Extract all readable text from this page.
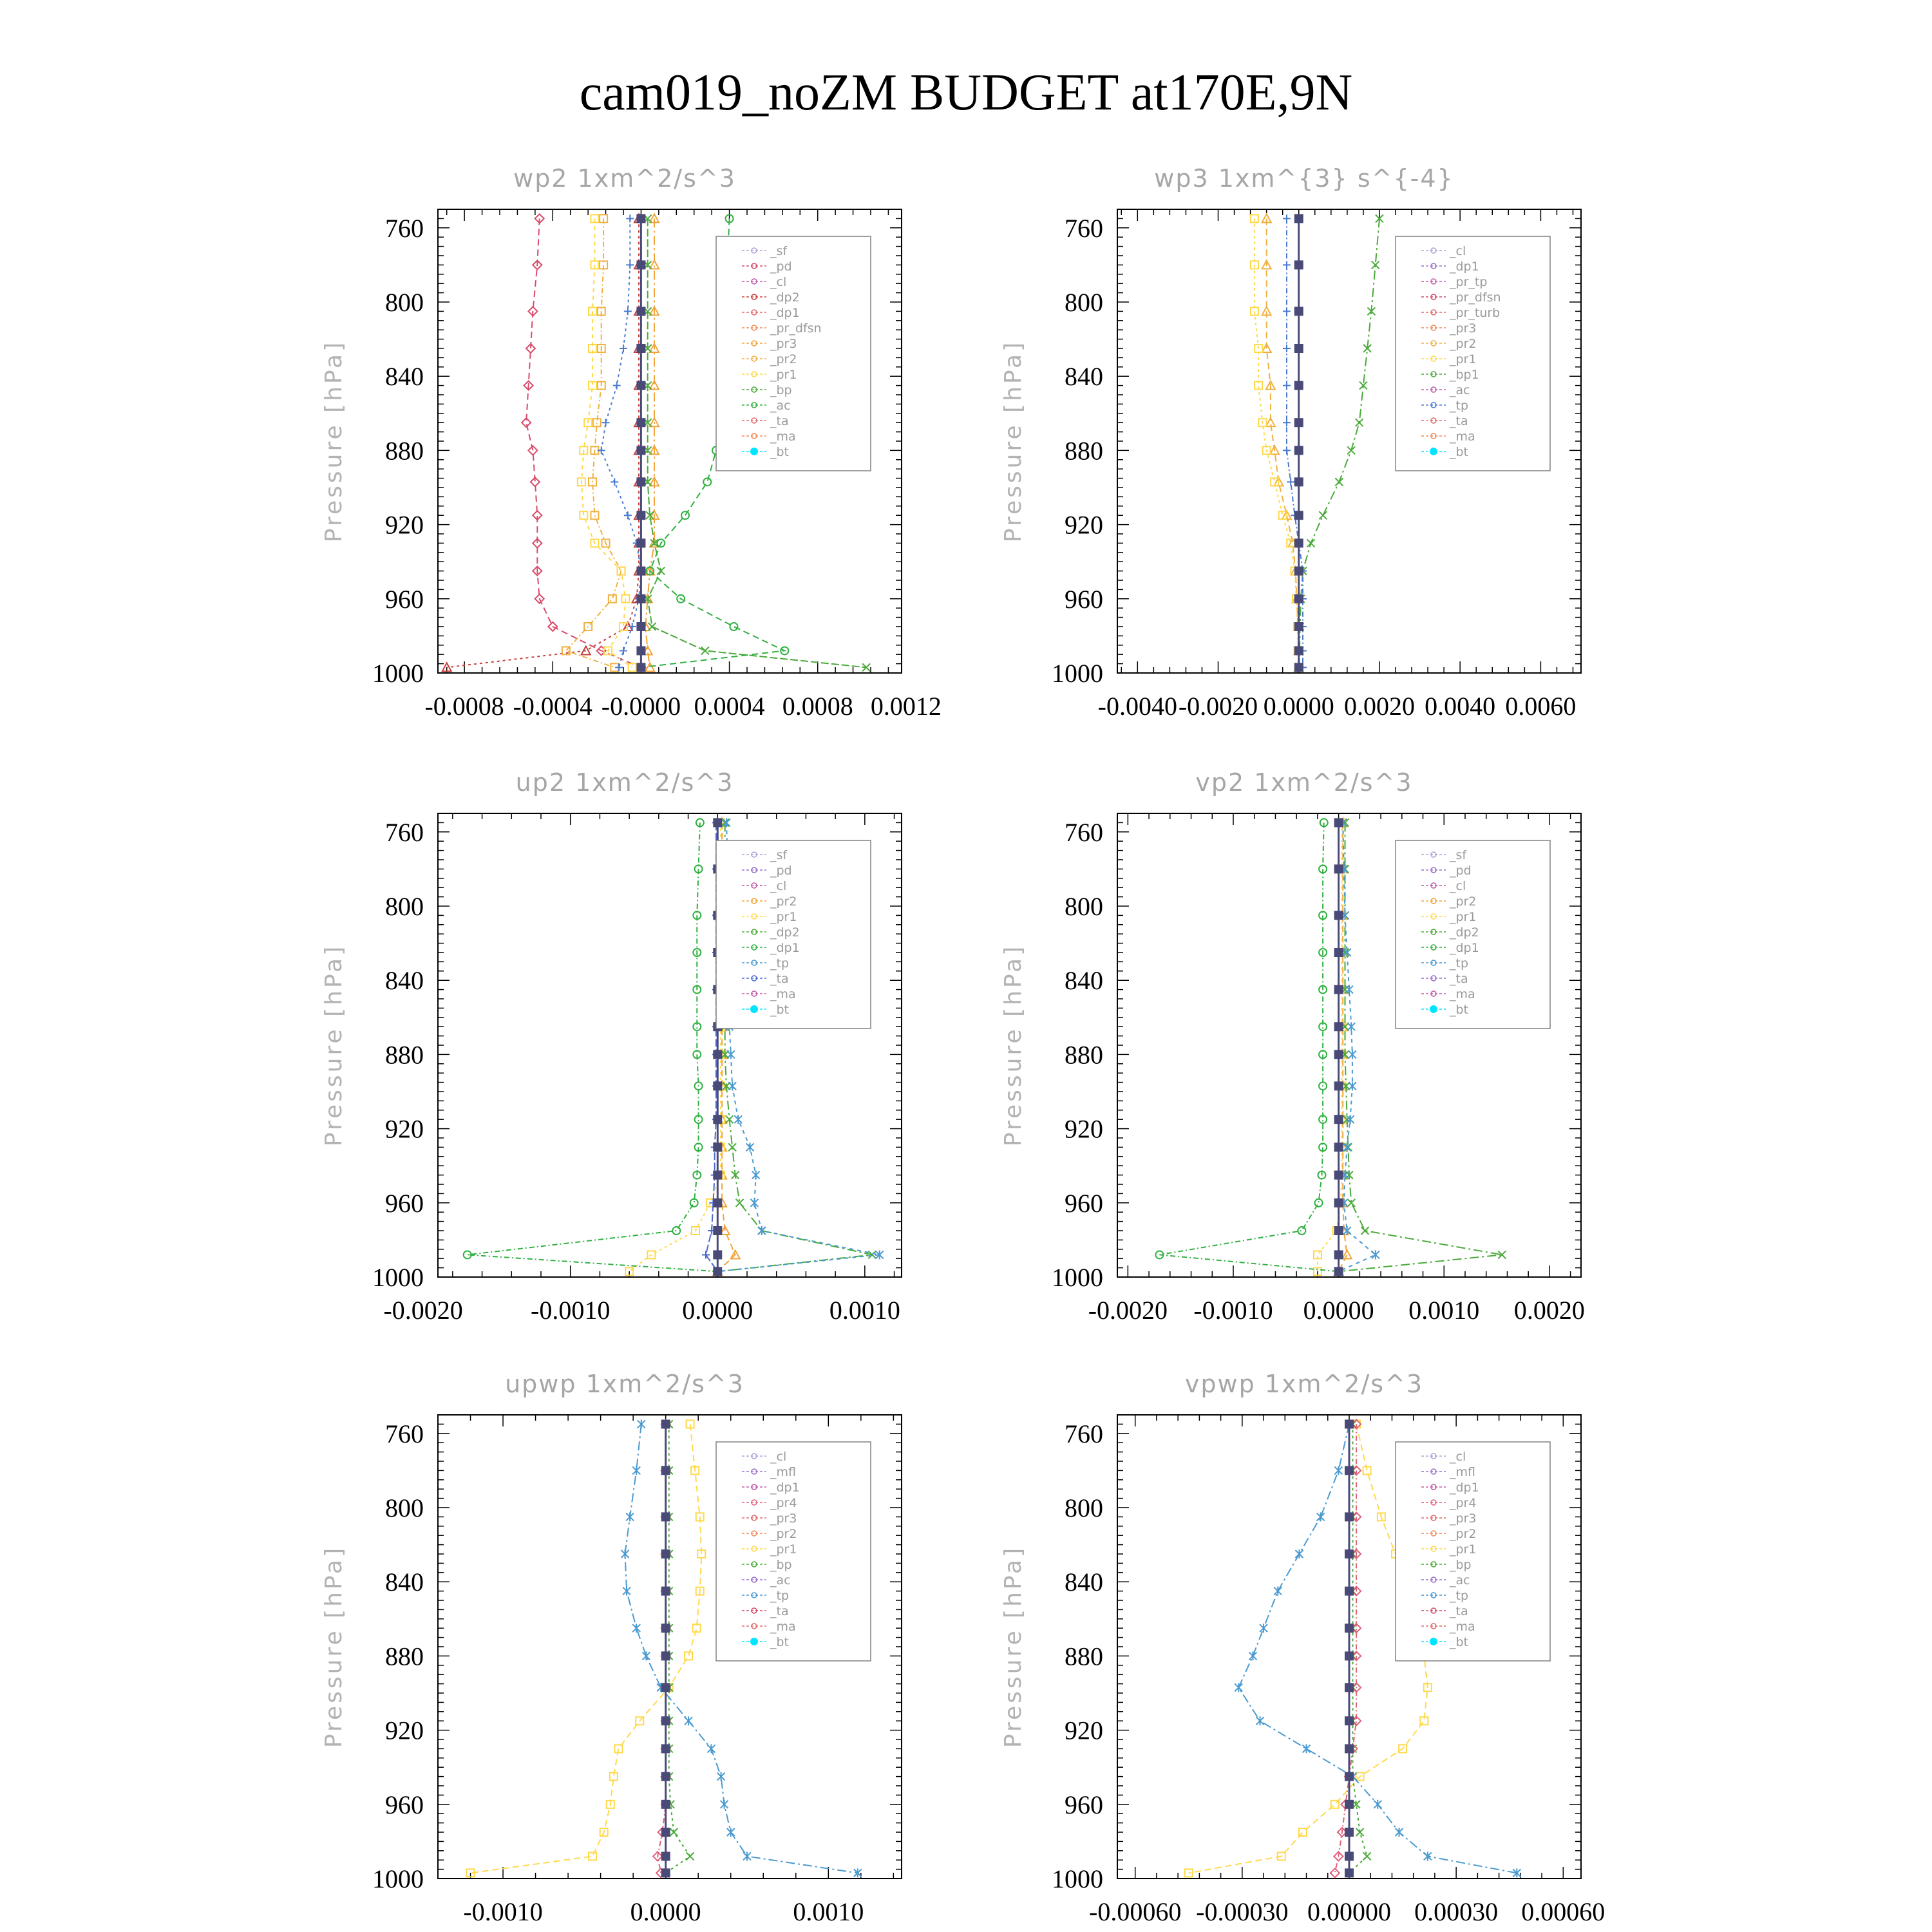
cam019_noZM BUDGET at170E,9N
wp2 1xm^2/s^3
Pressure [hPa]
760
800
840
880
920
960
1000
-0.0008 -0.0004 -0.0000 0.0004 0.0008 0.0012
_sf
_pd
_cl
_dp2
_dp1
_pr_dfsn
_pr3
_pr2
_pr1
_bp
_ac
_ta
_ma
_bt
wp3 1xm^{3} s^{-4}
Pressure [hPa]
760
800
840
880
920
960
1000
-0.0040 -0.0020 0.0000 0.0020 0.0040 0.0060
_cl
_dp1
_pr_tp
_pr_dfsn
_pr_turb
_pr3
_pr2
_pr1
_bp1
_ac
_tp
_ta
_ma
_bt
up2 1xm^2/s^3
Pressure [hPa]
760
800
840
880
920
960
1000
-0.0020	-0.0010	0.0000	0.0010
_sf
_pd
_cl
_pr2
_pr1
_dp2
_dp1
_tp
_ta
_ma
_bt
vp2 1xm^2/s^3
Pressure [hPa]
760
800
840
880
920
960
1000
-0.0020 -0.0010 0.0000 0.0010 0.0020
_sf
_pd
_cl
_pr2
_pr1
_dp2
_dp1
_tp
_ta
_ma
_bt
upwp 1xm^2/s^3
Pressure [hPa]
760
800
840
880
920
960
1000
-0.0010	0.0000	0.0010
_cl
_mfl
_dp1
_pr4
_pr3
_pr2
_pr1
_bp
_ac
_tp
_ta
_ma
_bt
vpwp 1xm^2/s^3
Pressure [hPa]
760
800
840
880
920
960
1000
-0.00060 -0.00030 0.00000 0.00030 0.00060
_cl
_mfl
_dp1
_pr4
_pr3
_pr2
_pr1
_bp
_ac
_tp
_ta
_ma
_bt
